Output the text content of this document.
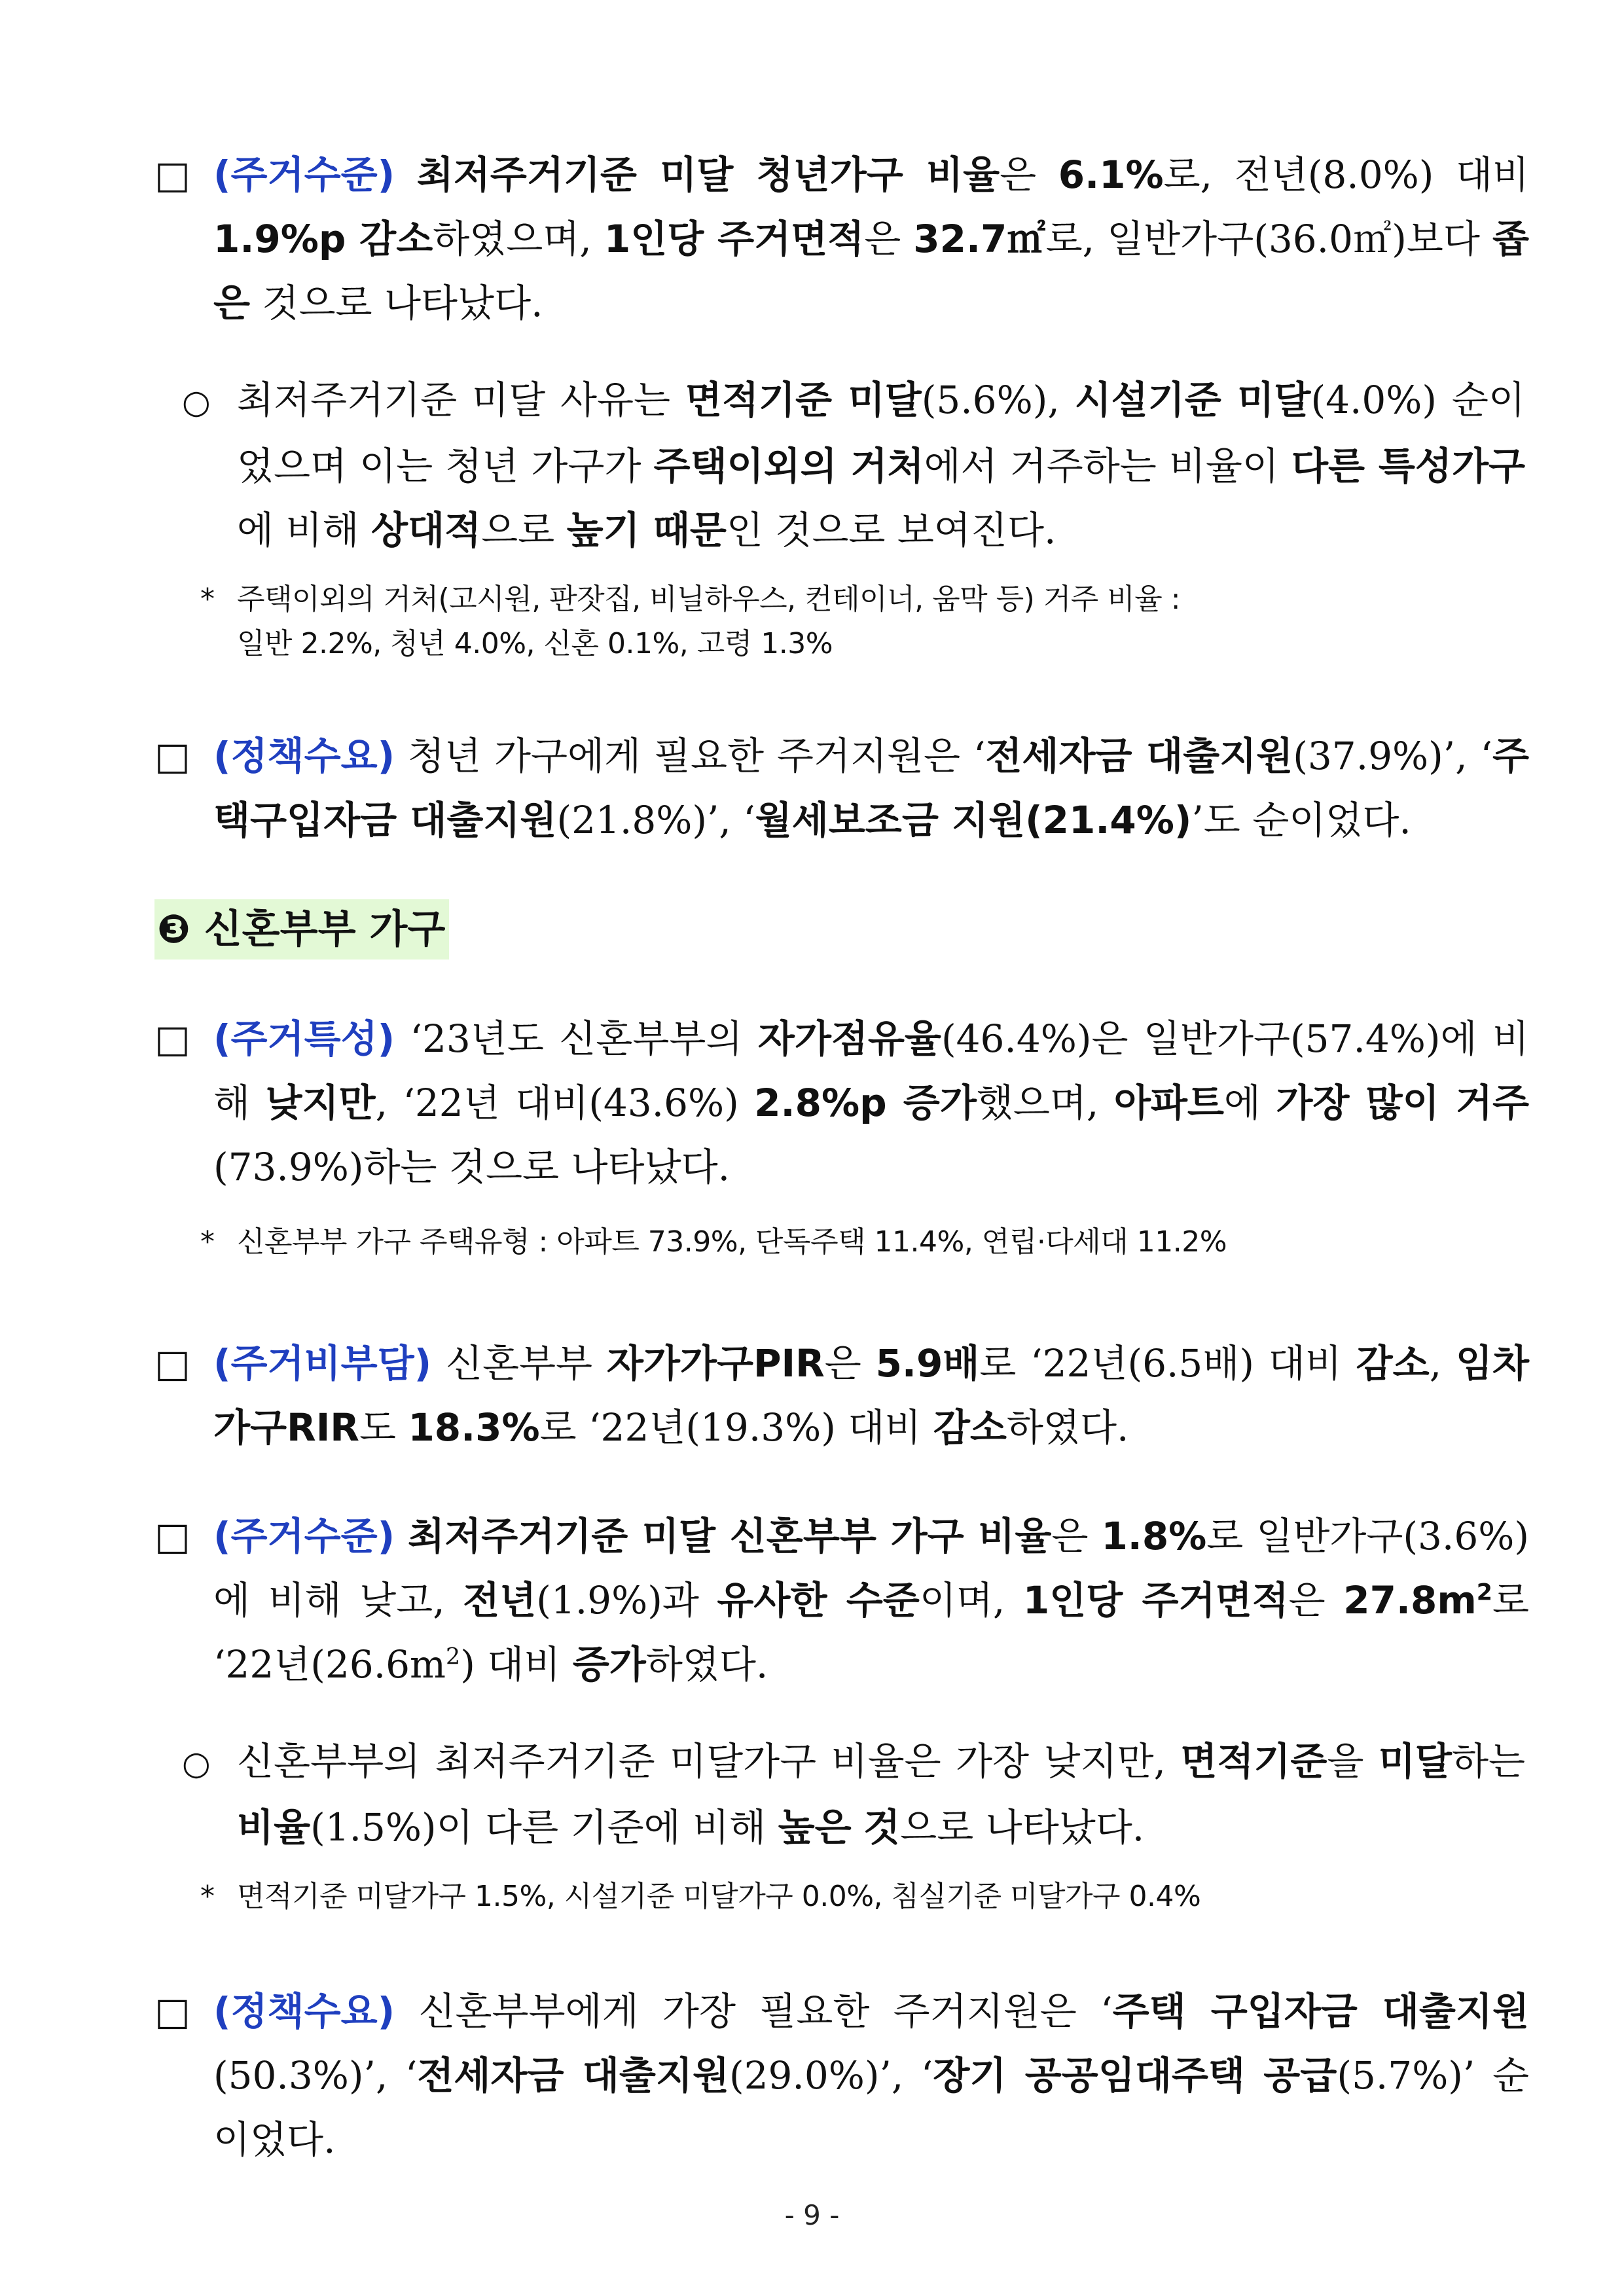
□ (주거수준) 최저주거기준 미달 청년가구 비율은 6.1%로, 전년(8.0%) 대비 1.9%p 감소하였으며, 1인당 주거면적은 32.7㎡로, 일반가구(36.0㎡)보다 좁은 것으로 나타났다.

○ 최저주거기준 미달 사유는 면적기준 미달(5.6%), 시설기준 미달(4.0%) 순이었으며 이는 청년 가구가 주택이외의 거처에서 거주하는 비율이 다른 특성가구에 비해 상대적으로 높기 때문인 것으로 보여진다.

* 주택이외의 거처(고시원, 판잣집, 비닐하우스, 컨테이너, 움막 등) 거주 비율 :
일반 2.2%, 청년 4.0%, 신혼 0.1%, 고령 1.3%

□ (정책수요) 청년 가구에게 필요한 주거지원은 ‘전세자금 대출지원(37.9%)’, ‘주택구입자금 대출지원(21.8%)’, ‘월세보조금 지원(21.4%)’도 순이었다.

❸ 신혼부부 가구

□ (주거특성) ‘23년도 신혼부부의 자가점유율(46.4%)은 일반가구(57.4%)에 비해 낮지만, ‘22년 대비(43.6%) 2.8%p 증가했으며, 아파트에 가장 많이 거주(73.9%)하는 것으로 나타났다.

* 신혼부부 가구 주택유형 : 아파트 73.9%, 단독주택 11.4%, 연립·다세대 11.2%

□ (주거비부담) 신혼부부 자가가구PIR은 5.9배로 ‘22년(6.5배) 대비 감소, 임차가구RIR도 18.3%로 ‘22년(19.3%) 대비 감소하였다.

□ (주거수준) 최저주거기준 미달 신혼부부 가구 비율은 1.8%로 일반가구(3.6%)에 비해 낮고, 전년(1.9%)과 유사한 수준이며, 1인당 주거면적은 $27.8m^2$로 ‘22년$(26.6m^2)$ 대비 증가하였다.

○ 신혼부부의 최저주거기준 미달가구 비율은 가장 낮지만, 면적기준을 미달하는 비율(1.5%)이 다른 기준에 비해 높은 것으로 나타났다.

* 면적기준 미달가구 1.5%, 시설기준 미달가구 0.0%, 침실기준 미달가구 0.4%

□ (정책수요) 신혼부부에게 가장 필요한 주거지원은 ‘주택 구입자금 대출지원(50.3%)’, ‘전세자금 대출지원(29.0%)’, ‘장기 공공임대주택 공급(5.7%)’ 순이었다.

- 9 -
